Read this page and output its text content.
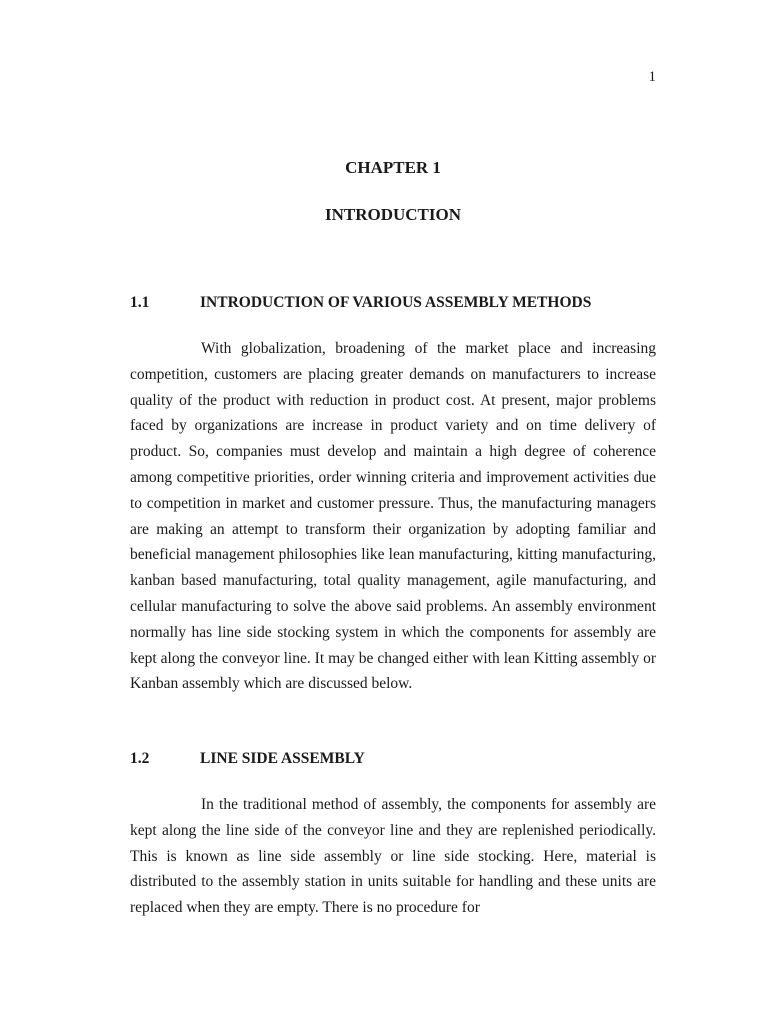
1
CHAPTER 1
INTRODUCTION
1.1	INTRODUCTION OF VARIOUS ASSEMBLY METHODS

With globalization, broadening of the market place and increasing competition, customers are placing greater demands on manufacturers to increase quality of the product with reduction in product cost. At present, major problems faced by organizations are increase in product variety and on time delivery of product. So, companies must develop and maintain a high degree of coherence among competitive priorities, order winning criteria and improvement activities due to competition in market and customer pressure. Thus, the manufacturing managers are making an attempt to transform their organization by adopting familiar and beneficial management philosophies like lean manufacturing, kitting manufacturing, kanban based manufacturing, total quality management, agile manufacturing, and cellular manufacturing to solve the above said problems. An assembly environment normally has line side stocking system in which the components for assembly are kept along the conveyor line. It may be changed either with lean Kitting assembly or Kanban assembly which are discussed below.

1.2	LINE SIDE ASSEMBLY

In the traditional method of assembly, the components for assembly are kept along the line side of the conveyor line and they are replenished periodically. This is known as line side assembly or line side stocking. Here, material is distributed to the assembly station in units suitable for handling and these units are replaced when they are empty. There is no procedure for
